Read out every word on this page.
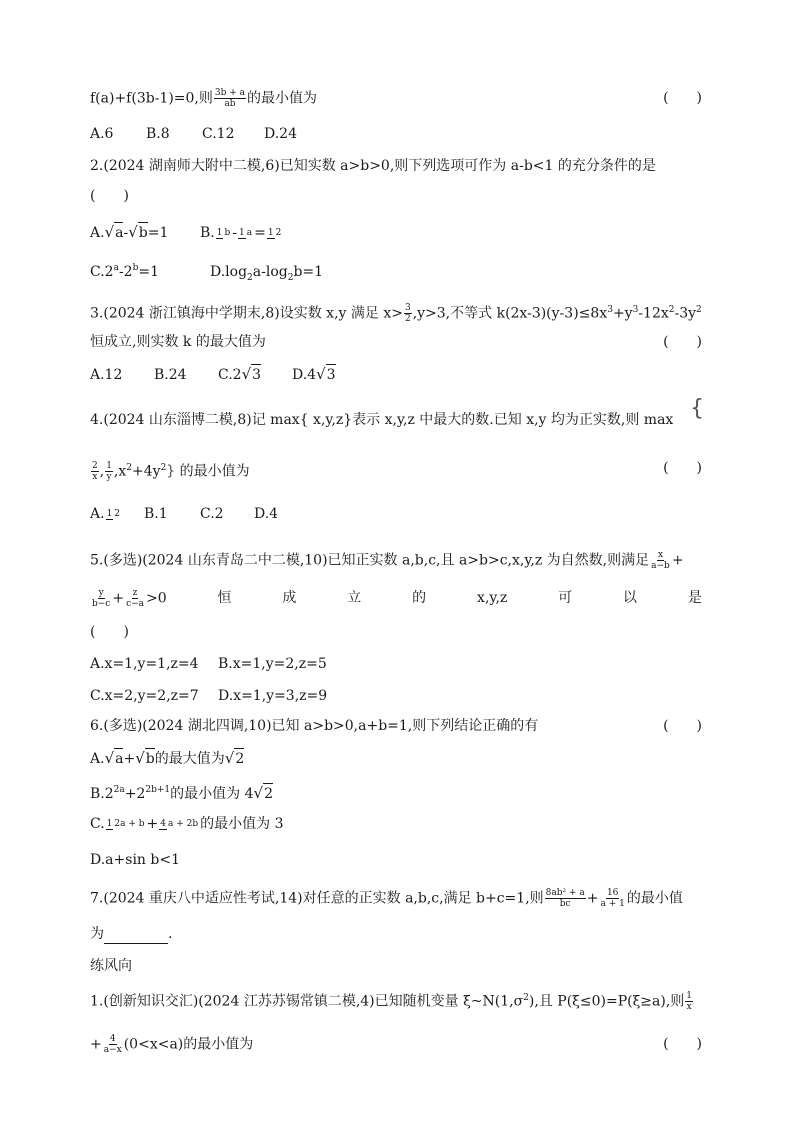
f(a)+f(3b-1)=0,则 $\frac{3b + a}{ab}$ 的最小值为	(　　)
A.6 B.8 C.12 D.24
2.(2024 湖南师大附中二模,6)已知实数 a>b>0,则下列选项可作为 a-b<1 的充分条件的是
(　　)
A.√a-√b=1 B. 1 b - 1 a = 1 2
$C.2^a-2^b=1$	$D.\log_2a-\log_2b=1$
3.(2024 浙江镇海中学期末,8)设实数 x,y 满足 $x> \frac{3}{2} ,y>3$,不等式 $k(2x-3)(y-3)\le 8x^3+y^3-12x^2-3y^2$
恒成立,则实数 k 的最大值为	(　　)
A.12 B.24 C.2√3 D.4√3
4.(2024 山东淄博二模,8)记 max{ x,y,z}表示 x,y,z 中最大的数.已知 x,y 均为正实数,则 max {
$\frac{2}{x}$ , $\frac{1}{y} ,x^2+4y^2$} 的最小值为	(　　)
A. 1 2 B.1 C.2 D.4
5.(多选)(2024 山东青岛二中二模,10)已知正实数 a,b,c,且 a>b>c,x,y,z 为自然数,则满足 $\frac{x}{a-b}$ +
$\frac{y}{b-c} + \frac{z}{c-a} >0$	恒	成	立	的	x,y,z	可	以	是
(　　)
A.x=1,y=1,z=4 B.x=1,y=2,z=5
C.x=2,y=2,z=7 D.x=1,y=3,z=9
6.(多选)(2024 湖北四调,10)已知 a>b>0,a+b=1,则下列结论正确的有	(　　)
A.√a+√b的最大值为√2
$B.2^{2a}+2^{2b+1}$的最小值为 4√2
C. 1 2a + b + 4 a + 2b 的最小值为 3
D.a+sin b<1
7.(2024 重庆八中适应性考试,14)对任意的正实数 a,b,c,满足 b+c=1,则 $\frac{\text{8ab² + a}}{bc} + \frac{16}{a + 1}$ 的最小值
为	.
练风向
1.(创新知识交汇)(2024 江苏苏锡常镇二模,4)已知随机变量 $\xi\sim N(1,\sigma^2)$,且 P(ξ≤0)=P(ξ≥a),则 $\frac{1}{x}$
+ $\frac{4}{a-x} (0<x<a)$的最小值为	(　　)
